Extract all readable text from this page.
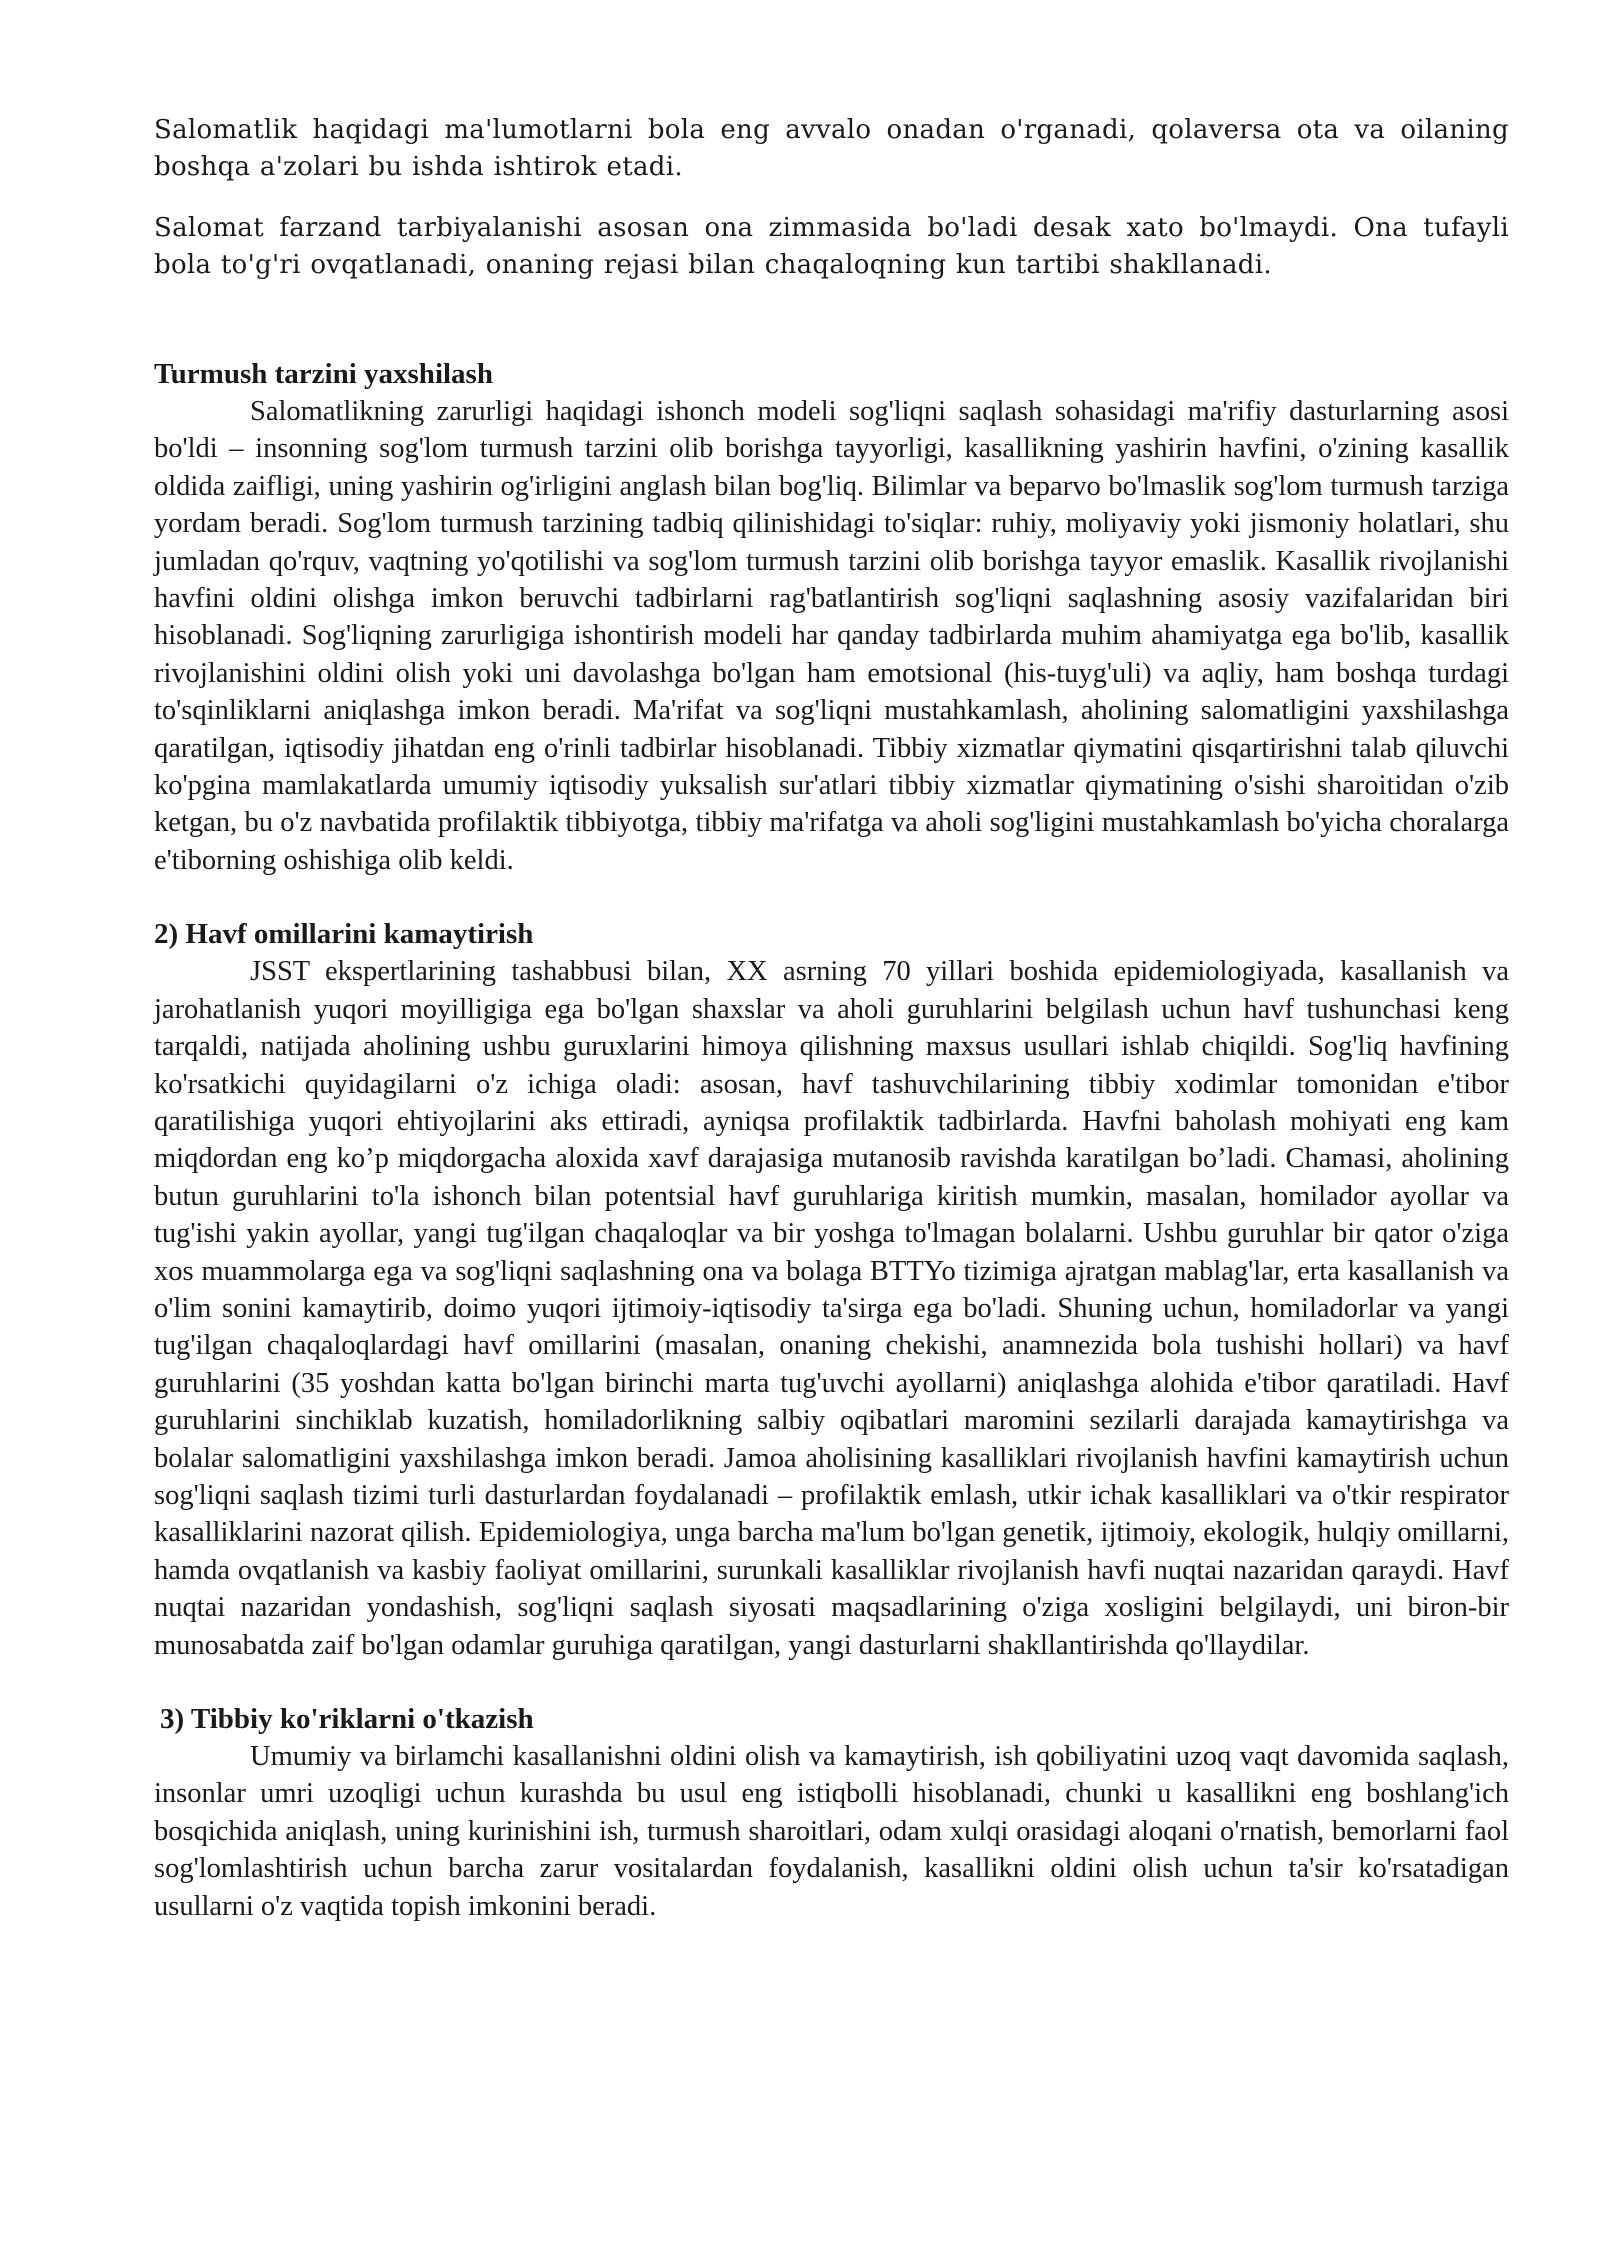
Salomatlik haqidagi ma'lumotlarni bola eng avvalo onadan o'rganadi, qolaversa ota va oilaning boshqa a'zolari bu ishda ishtirok etadi.

Salomat farzand tarbiyalanishi asosan ona zimmasida bo'ladi desak xato bo'lmaydi. Ona tufayli bola to'g'ri ovqatlanadi, onaning rejasi bilan chaqaloqning kun tartibi shakllanadi.

Turmush tarzini yaxshilash

Salomatlikning zarurligi haqidagi ishonch modeli sog'liqni saqlash sohasidagi ma'rifiy dasturlarning asosi bo'ldi – insonning sog'lom turmush tarzini olib borishga tayyorligi, kasallikning yashirin havfini, o'zining kasallik oldida zaifligi, uning yashirin og'irligini anglash bilan bog'liq. Bilimlar va beparvo bo'lmaslik sog'lom turmush tarziga yordam beradi. Sog'lom turmush tarzining tadbiq qilinishidagi to'siqlar: ruhiy, moliyaviy yoki jismoniy holatlari, shu jumladan qo'rquv, vaqtning yo'qotilishi va sog'lom turmush tarzini olib borishga tayyor emaslik. Kasallik rivojlanishi havfini oldini olishga imkon beruvchi tadbirlarni rag'batlantirish sog'liqni saqlashning asosiy vazifalaridan biri hisoblanadi. Sog'liqning zarurligiga ishontirish modeli har qanday tadbirlarda muhim ahamiyatga ega bo'lib, kasallik rivojlanishini oldini olish yoki uni davolashga bo'lgan ham emotsional (his-tuyg'uli) va aqliy, ham boshqa turdagi to'sqinliklarni aniqlashga imkon beradi. Ma'rifat va sog'liqni mustahkamlash, aholining salomatligini yaxshilashga qaratilgan, iqtisodiy jihatdan eng o'rinli tadbirlar hisoblanadi. Tibbiy xizmatlar qiymatini qisqartirishni talab qiluvchi ko'pgina mamlakatlarda umumiy iqtisodiy yuksalish sur'atlari tibbiy xizmatlar qiymatining o'sishi sharoitidan o'zib ketgan, bu o'z navbatida profilaktik tibbiyotga, tibbiy ma'rifatga va aholi sog'ligini mustahkamlash bo'yicha choralarga e'tiborning oshishiga olib keldi.

2) Havf omillarini kamaytirish

JSST ekspertlarining tashabbusi bilan, XX asrning 70 yillari boshida epidemiologiyada, kasallanish va jarohatlanish yuqori moyilligiga ega bo'lgan shaxslar va aholi guruhlarini belgilash uchun havf tushunchasi keng tarqaldi, natijada aholining ushbu guruxlarini himoya qilishning maxsus usullari ishlab chiqildi. Sog'liq havfining ko'rsatkichi quyidagilarni o'z ichiga oladi: asosan, havf tashuvchilarining tibbiy xodimlar tomonidan e'tibor qaratilishiga yuqori ehtiyojlarini aks ettiradi, ayniqsa profilaktik tadbirlarda. Havfni baholash mohiyati eng kam miqdordan eng ko’p miqdorgacha aloxida xavf darajasiga mutanosib ravishda karatilgan bo’ladi. Chamasi, aholining butun guruhlarini to'la ishonch bilan potentsial havf guruhlariga kiritish mumkin, masalan, homilador ayollar va tug'ishi yakin ayollar, yangi tug'ilgan chaqaloqlar va bir yoshga to'lmagan bolalarni. Ushbu guruhlar bir qator o'ziga xos muammolarga ega va sog'liqni saqlashning ona va bolaga BTTYo tizimiga ajratgan mablag'lar, erta kasallanish va o'lim sonini kamaytirib, doimo yuqori ijtimoiy-iqtisodiy ta'sirga ega bo'ladi. Shuning uchun, homiladorlar va yangi tug'ilgan chaqaloqlardagi havf omillarini (masalan, onaning chekishi, anamnezida bola tushishi hollari) va havf guruhlarini (35 yoshdan katta bo'lgan birinchi marta tug'uvchi ayollarni) aniqlashga alohida e'tibor qaratiladi. Havf guruhlarini sinchiklab kuzatish, homiladorlikning salbiy oqibatlari maromini sezilarli darajada kamaytirishga va bolalar salomatligini yaxshilashga imkon beradi. Jamoa aholisining kasalliklari rivojlanish havfini kamaytirish uchun sog'liqni saqlash tizimi turli dasturlardan foydalanadi – profilaktik emlash, utkir ichak kasalliklari va o'tkir respirator kasalliklarini nazorat qilish. Epidemiologiya, unga barcha ma'lum bo'lgan genetik, ijtimoiy, ekologik, hulqiy omillarni, hamda ovqatlanish va kasbiy faoliyat omillarini, surunkali kasalliklar rivojlanish havfi nuqtai nazaridan qaraydi. Havf nuqtai nazaridan yondashish, sog'liqni saqlash siyosati maqsadlarining o'ziga xosligini belgilaydi, uni biron-bir munosabatda zaif bo'lgan odamlar guruhiga qaratilgan, yangi dasturlarni shakllantirishda qo'llaydilar.

3) Tibbiy ko'riklarni o'tkazish

Umumiy va birlamchi kasallanishni oldini olish va kamaytirish, ish qobiliyatini uzoq vaqt davomida saqlash, insonlar umri uzoqligi uchun kurashda bu usul eng istiqbolli hisoblanadi, chunki u kasallikni eng boshlang'ich bosqichida aniqlash, uning kurinishini ish, turmush sharoitlari, odam xulqi orasidagi aloqani o'rnatish, bemorlarni faol sog'lomlashtirish uchun barcha zarur vositalardan foydalanish, kasallikni oldini olish uchun ta'sir ko'rsatadigan usullarni o'z vaqtida topish imkonini beradi.
